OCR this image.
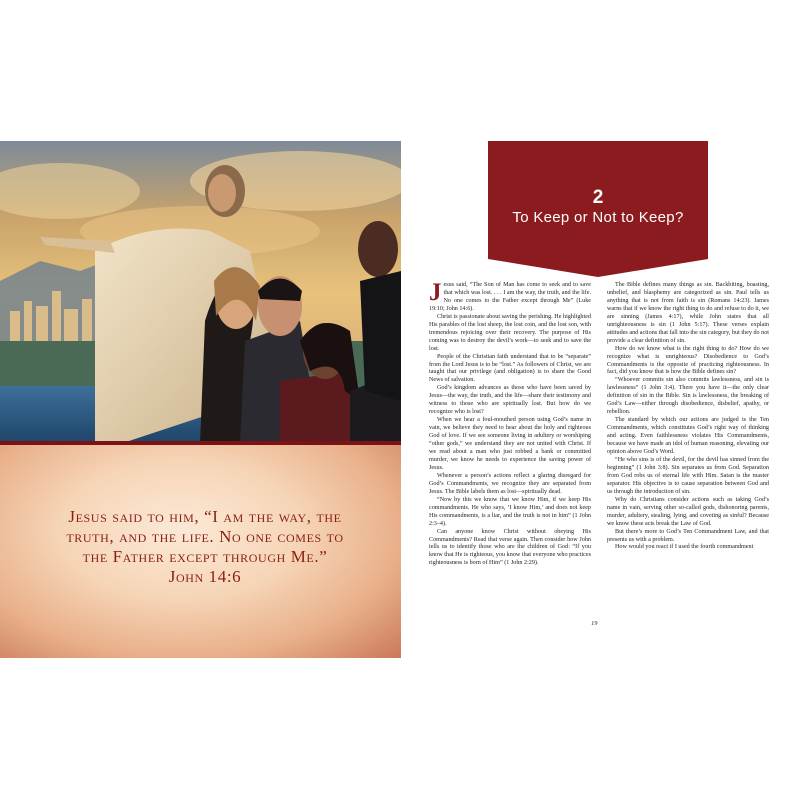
Jesus said to him, “I am the way, the
truth, and the life. No one comes to
the Father except through Me.”

John 14:6
2
To Keep or Not to Keep?

Jesus said, “The Son of Man has come to seek and to save that which was lost. . . . I am the way, the truth, and the life. No one comes to the Father except through Me” (Luke 19:10; John 14:6).

Christ is passionate about saving the perishing. He highlighted His parables of the lost sheep, the lost coin, and the lost son, with tremendous rejoicing over their recovery. The purpose of His coming was to destroy the devil’s work—to seek and to save the lost.

People of the Christian faith understand that to be “separate” from the Lord Jesus is to be “lost.” As followers of Christ, we are taught that our privilege (and obligation) is to share the Good News of salvation.

God’s kingdom advances as those who have been saved by Jesus—the way, the truth, and the life—share their testimony and witness to those who are spiritually lost. But how do we recognize who is lost?

When we hear a foul-mouthed person using God’s name in vain, we believe they need to hear about the holy and righteous God of love. If we see someone living in adultery or worshiping “other gods,” we understand they are not united with Christ. If we read about a man who just robbed a bank or committed murder, we know he needs to experience the saving power of Jesus.

Whenever a person’s actions reflect a glaring disregard for God’s Commandments, we recognize they are separated from Jesus. The Bible labels them as lost—spiritually dead.

“Now by this we know that we know Him, if we keep His commandments. He who says, ‘I know Him,’ and does not keep His commandments, is a liar, and the truth is not in him” (1 John 2:3–4).

Can anyone know Christ without obeying His Commandments? Read that verse again. Then consider how John tells us to identify those who are the children of God: “If you know that He is righteous, you know that everyone who practices righteousness is born of Him” (1 John 2:29).

The Bible defines many things as sin. Backbiting, boasting, unbelief, and blasphemy are categorized as sin. Paul tells us anything that is not from faith is sin (Romans 14:23). James warns that if we know the right thing to do and refuse to do it, we are sinning (James 4:17), while John states that all unrighteousness is sin (1 John 5:17). These verses explain attitudes and actions that fall into the sin category, but they do not provide a clear definition of sin.

How do we know what is the right thing to do? How do we recognize what is unrighteous? Disobedience to God’s Commandments is the opposite of practicing righteousness. In fact, did you know that is how the Bible defines sin?

“Whoever commits sin also commits lawlessness, and sin is lawlessness” (1 John 3:4). There you have it—the only clear definition of sin in the Bible. Sin is lawlessness, the breaking of God’s Law—either through disobedience, disbelief, apathy, or rebellion.

The standard by which our actions are judged is the Ten Commandments, which constitutes God’s right way of thinking and acting. Even faithlessness violates His Commandments, because we have made an idol of human reasoning, elevating our opinion above God’s Word.

“He who sins is of the devil, for the devil has sinned from the beginning” (1 John 3:8). Sin separates us from God. Separation from God robs us of eternal life with Him. Satan is the master separator. His objective is to cause separation between God and us through the introduction of sin.

Why do Christians consider actions such as taking God’s name in vain, serving other so-called gods, dishonoring parents, murder, adultery, stealing, lying, and coveting as sinful? Because we know these acts break the Law of God.

But there’s more to God’s Ten Commandment Law, and that presents us with a problem.

How would you react if I used the fourth commandment

19
